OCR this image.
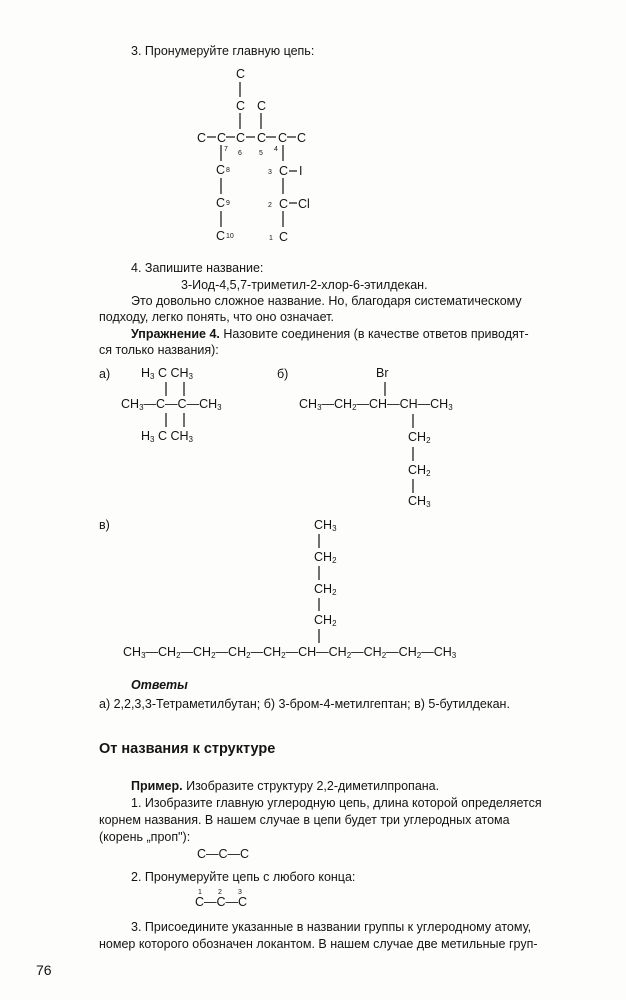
3. Пронумеруйте главную цепь:
C
C C
C C C C C C
7
6 5
4
C 8
C 9
C 10
3 C I
2 C Cl
1 C
4. Запишите название:
3-Иод-4,5,7-триметил-2-хлор-6-этилдекан.
Это довольно сложное название. Но, благодаря систематическому
подходу, легко понять, что оно означает.
Упражнение 4. Назовите соединения (в качестве ответов приводят-
ся только названия):
а) $H_3$ C $CH_3$
$CH_3—C—C—CH_3$
$H_3$ C $CH_3$
б)	Br
$CH_3—CH_2—CH—CH—CH_3$
$CH_2$
$CH_2$
$CH_3$
в)	$CH_3$
$CH_2$
$CH_2$
$CH_2$
$CH_3—CH_2—CH_2—CH_2—CH_2—CH—CH_2—CH_2—CH_2—CH_3$
Ответы
а) 2,2,3,3-Тетраметилбутан; б) 3-бром-4-метилгептан; в) 5-бутилдекан.
От названия к структуре
Пример. Изобразите структуру 2,2-диметилпропана.
1. Изобразите главную углеродную цепь, длина которой определяется
корнем названия. В нашем случае в цепи будет три углеродных атома
(корень „проп"):
C—C—C
2. Пронумеруйте цепь с любого конца:
1 2 3
C—C—C
3. Присоедините указанные в названии группы к углеродному атому,
номер которого обозначен локантом. В нашем случае две метильные груп-
76
